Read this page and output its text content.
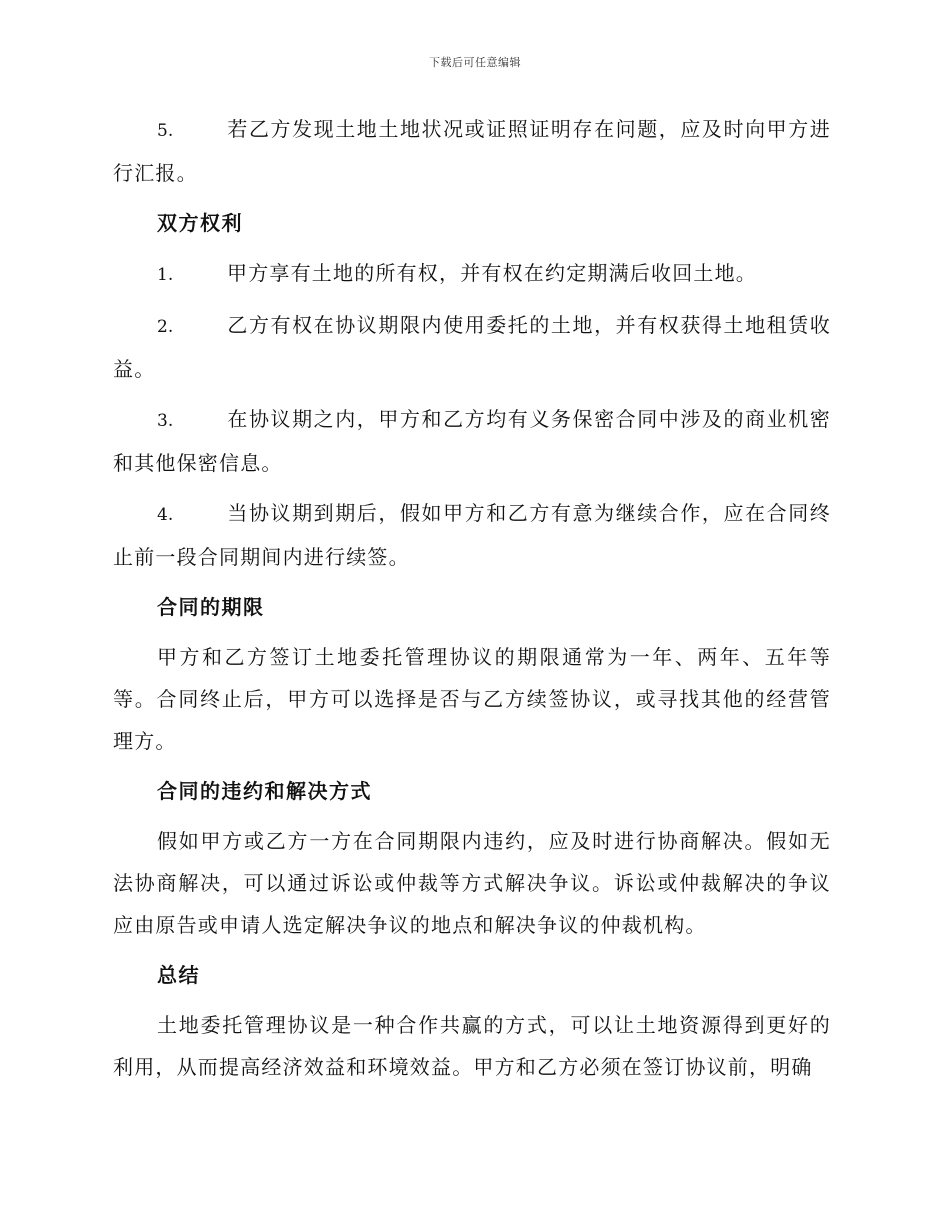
下载后可任意编辑

5.	若乙方发现土地土地状况或证照证明存在问题，应及时向甲方进行汇报。

双方权利

1.	甲方享有土地的所有权，并有权在约定期满后收回土地。

2.	乙方有权在协议期限内使用委托的土地，并有权获得土地租赁收益。

3.	在协议期之内，甲方和乙方均有义务保密合同中涉及的商业机密和其他保密信息。

4.	当协议期到期后，假如甲方和乙方有意为继续合作，应在合同终止前一段合同期间内进行续签。

合同的期限

甲方和乙方签订土地委托管理协议的期限通常为一年、两年、五年等等。合同终止后，甲方可以选择是否与乙方续签协议，或寻找其他的经营管理方。

合同的违约和解决方式

假如甲方或乙方一方在合同期限内违约，应及时进行协商解决。假如无法协商解决，可以通过诉讼或仲裁等方式解决争议。诉讼或仲裁解决的争议应由原告或申请人选定解决争议的地点和解决争议的仲裁机构。

总结

土地委托管理协议是一种合作共赢的方式，可以让土地资源得到更好的利用，从而提高经济效益和环境效益。甲方和乙方必须在签订协议前，明确
